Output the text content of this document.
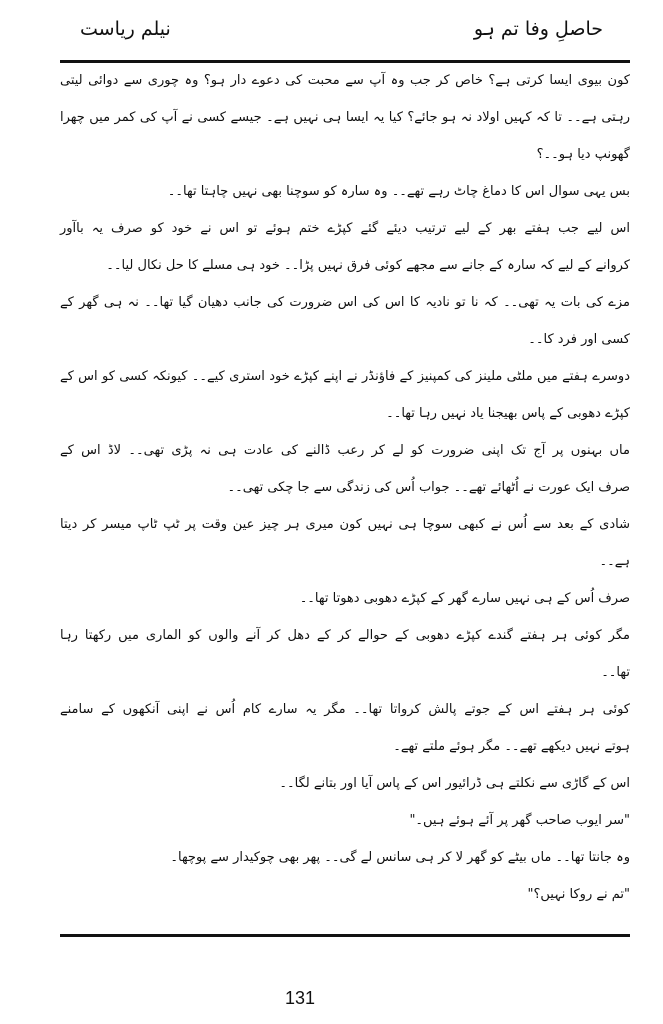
حاصلِ وفا تم ہو
نیلم ریاست
کون بیوی ایسا کرتی ہے؟ خاص کر جب وہ آپ سے محبت کی دعوے دار ہو؟ وہ چوری سے دوائی لیتی
رہتی ہے۔۔ تا کہ کہیں اولاد نہ ہو جائے؟ کیا یہ ایسا ہی نہیں ہے۔ جیسے کسی نے آپ کی کمر میں چھرا
گھونپ دیا ہو۔۔؟
بس یہی سوال اس کا دماغ چاٹ رہے تھے۔۔ وہ سارہ کو سوچنا بھی نہیں چاہتا تھا۔۔
اس لیے جب ہفتے بھر کے لیے ترتیب دیئے گئے کپڑے ختم ہوئے تو اس نے خود کو صرف یہ باآور
کروانے کے لیے کہ سارہ کے جانے سے مجھے کوئی فرق نہیں پڑا۔۔ خود ہی مسلے کا حل نکال لیا۔۔
مزے کی بات یہ تھی۔۔ کہ نا تو نادیہ کا اس کی اس ضرورت کی جانب دھیان گیا تھا۔۔ نہ ہی گھر کے
کسی اور فرد کا۔۔
دوسرے ہفتے میں ملٹی ملینز کی کمپنیز کے فاؤنڈر نے اپنے کپڑے خود استری کیے۔۔ کیونکہ کسی کو اس کے
کپڑے دھوبی کے پاس بھیجنا یاد نہیں رہا تھا۔۔
ماں بہنوں پر آج تک اپنی ضرورت کو لے کر رعب ڈالنے کی عادت ہی نہ پڑی تھی۔۔ لاڈ اس کے
صرف ایک عورت نے اُٹھائے تھے۔۔ جواب اُس کی زندگی سے جا چکی تھی۔۔
شادی کے بعد سے اُس نے کبھی سوچا ہی نہیں کون میری ہر چیز عین وقت پر ٹپ ٹاپ میسر کر دیتا
ہے۔۔
صرف اُس کے ہی نہیں سارے گھر کے کپڑے دھوبی دھوتا تھا۔۔
مگر کوئی ہر ہفتے گندے کپڑے دھوبی کے حوالے کر کے دھل کر آنے والوں کو الماری میں رکھتا رہا
تھا۔۔
کوئی ہر ہفتے اس کے جوتے پالش کرواتا تھا۔۔ مگر یہ سارے کام اُس نے اپنی آنکھوں کے سامنے
ہوتے نہیں دیکھے تھے۔۔ مگر ہوئے ملتے تھے۔
اس کے گاڑی سے نکلتے ہی ڈرائیور اس کے پاس آیا اور بتانے لگا۔۔
"سر ایوب صاحب گھر پر آئے ہوئے ہیں۔"
وہ جانتا تھا۔۔ ماں بیٹے کو گھر لا کر ہی سانس لے گی۔۔ پھر بھی چوکیدار سے پوچھا۔
"تم نے روکا نہیں؟"
131
